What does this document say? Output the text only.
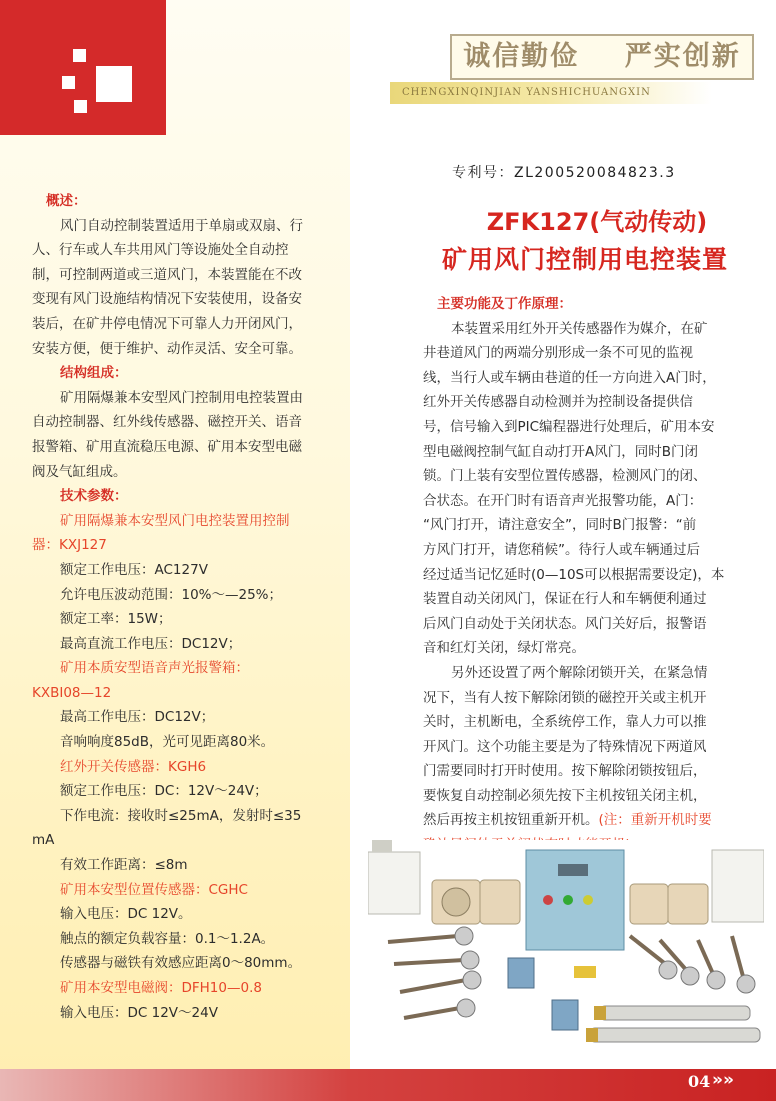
诚信勤俭    严实创新
CHENGXINQINJIAN YANSHICHUANGXIN
专利号：ZL200520084823.3
ZFK127(气动传动)
矿用风门控制用电控装置

概述：

风门自动控制装置适用于单扇或双扇、行

人、行车或人车共用风门等设施处全自动控

制，可控制两道或三道风门，本装置能在不改

变现有风门设施结构情况下安装使用，设备安

装后，在矿井停电情况下可靠人力开闭风门，

安装方便，便于维护、动作灵活、安全可靠。

结构组成：

矿用隔爆兼本安型风门控制用电控装置由

自动控制器、红外线传感器、磁控开关、语音

报警箱、矿用直流稳压电源、矿用本安型电磁

阀及气缸组成。

技术参数：

矿用隔爆兼本安型风门电控装置用控制

器：KXJ127

额定工作电压：AC127V

允许电压波动范围：10%～—25%；

额定工率：15W；

最高直流工作电压：DC12V；

矿用本质安型语音声光报警箱：

KXBI08—12

最高工作电压：DC12V；

音响响度85dB，光可见距离80米。

红外开关传感器：KGH6

额定工作电压：DC：12V～24V；

下作电流：接收时≤25mA，发射时≤35

mA

有效工作距离：≤8m

矿用本安型位置传感器：CGHC

输入电压：DC 12V。

触点的额定负载容量：0.1～1.2A。

传感器与磁铁有效感应距离0～80mm。

矿用本安型电磁阀：DFH10—0.8

输入电压：DC 12V～24V

主要功能及丁作原理：

本装置采用红外开关传感器作为媒介，在矿

井巷道风门的两端分别形成一条不可见的监视

线，当行人或车辆由巷道的任一方向进入A门时，

红外开关传感器自动检测并为控制设备提供信

号，信号输入到PIC编程器进行处理后，矿用本安

型电磁阀控制气缸自动打开A风门，同时B门闭

锁。门上装有安型位置传感器，检测风门的闭、

合状态。在开门时有语音声光报警功能，A门：

“风门打开，请注意安全”，同时B门报警：“前

方风门打开，请您稍候”。待行人或车辆通过后

经过适当记忆延时(0—10S可以根据需要设定)，本

装置自动关闭风门，保证在行人和车辆便利通过

后风门自动处于关闭状态。风门关好后，报警语

音和红灯关闭，绿灯常亮。

另外还设置了两个解除闭锁开关，在紧急情

况下，当有人按下解除闭锁的磁控开关或主机开

关时，主机断电，全系统停工作，靠人力可以推

开风门。这个功能主要是为了特殊情况下两道风

门需要同时打开时使用。按下解除闭锁按钮后，

要恢复自动控制必须先按下主机按钮关闭主机，

然后再按主机按钮重新开机。(注：重新开机时要

04 »»
